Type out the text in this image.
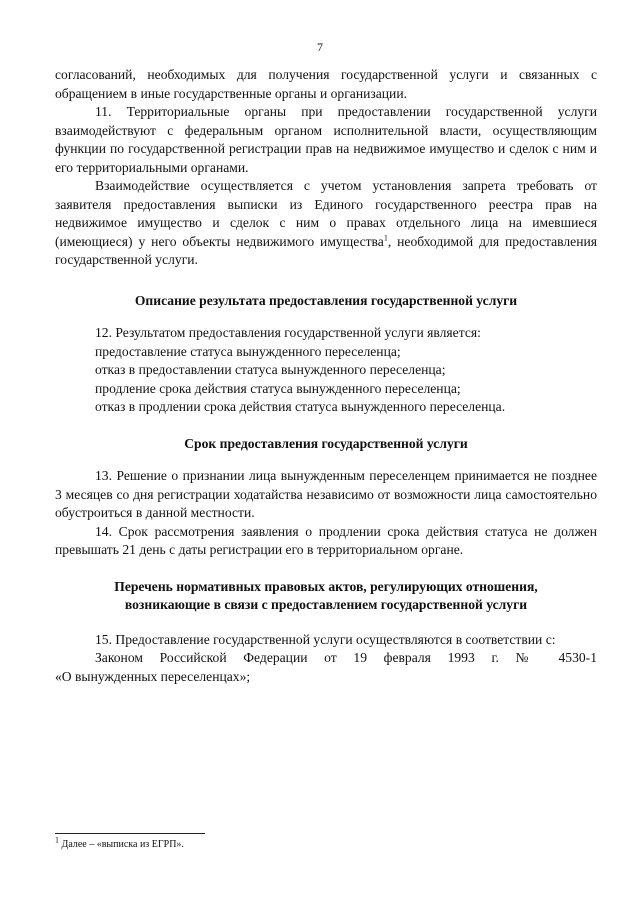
7

согласований, необходимых для получения государственной услуги и связанных с обращением в иные государственные органы и организации.

11. Территориальные органы при предоставлении государственной услуги взаимодействуют с федеральным органом исполнительной власти, осуществляющим функции по государственной регистрации прав на недвижимое имущество и сделок с ним и его территориальными органами.

Взаимодействие осуществляется с учетом установления запрета требовать от заявителя предоставления выписки из Единого государственного реестра прав на недвижимое имущество и сделок с ним о правах отдельного лица на имевшиеся (имеющиеся) у него объекты недвижимого имущества$^1$, необходимой для предоставления государственной услуги.

Описание результата предоставления государственной услуги

12. Результатом предоставления государственной услуги является:

предоставление статуса вынужденного переселенца;
отказ в предоставлении статуса вынужденного переселенца;
продление срока действия статуса вынужденного переселенца;
отказ в продлении срока действия статуса вынужденного переселенца.
Срок предоставления государственной услуги

13. Решение о признании лица вынужденным переселенцем принимается не позднее 3 месяцев со дня регистрации ходатайства независимо от возможности лица самостоятельно обустроиться в данной местности.

14. Срок рассмотрения заявления о продлении срока действия статуса не должен превышать 21 день с даты регистрации его в территориальном органе.

Перечень нормативных правовых актов, регулирующих отношения,
возникающие в связи с предоставлением государственной услуги

15. Предоставление государственной услуги осуществляются в соответствии с:

Законом Российской Федерации от 19 февраля 1993 г. № 4530-1

«О вынужденных переселенцах»;

$^1$ Далее – «выписка из ЕГРП».
